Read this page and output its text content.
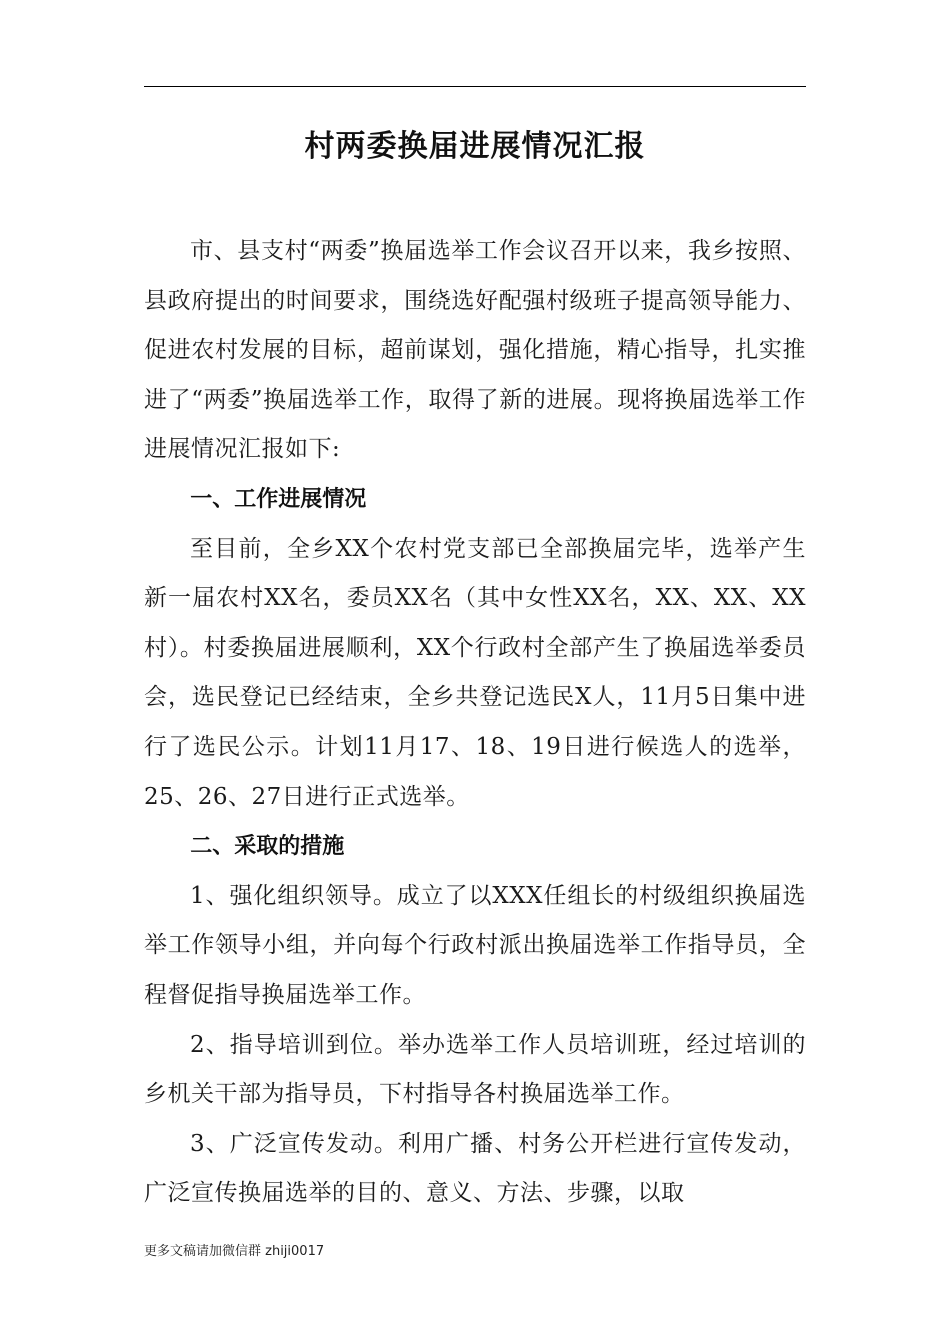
村两委换届进展情况汇报

市、县支村“两委”换届选举工作会议召开以来，我乡按照、县政府提出的时间要求，围绕选好配强村级班子提高领导能力、促进农村发展的目标，超前谋划，强化措施，精心指导，扎实推进了“两委”换届选举工作，取得了新的进展。现将换届选举工作进展情况汇报如下:

一、工作进展情况

至目前，全乡XX个农村党支部已全部换届完毕，选举产生新一届农村XX名，委员XX名（其中女性XX名，XX、XX、XX村）。村委换届进展顺利，XX个行政村全部产生了换届选举委员会，选民登记已经结束，全乡共登记选民X人，11月5日集中进行了选民公示。计划11月17、18、19日进行候选人的选举，25、26、27日进行正式选举。

二、采取的措施

1、强化组织领导。成立了以XXX任组长的村级组织换届选举工作领导小组，并向每个行政村派出换届选举工作指导员，全程督促指导换届选举工作。

2、指导培训到位。举办选举工作人员培训班，经过培训的乡机关干部为指导员，下村指导各村换届选举工作。

3、广泛宣传发动。利用广播、村务公开栏进行宣传发动，广泛宣传换届选举的目的、意义、方法、步骤，以取

更多文稿请加微信群 zhiji0017
